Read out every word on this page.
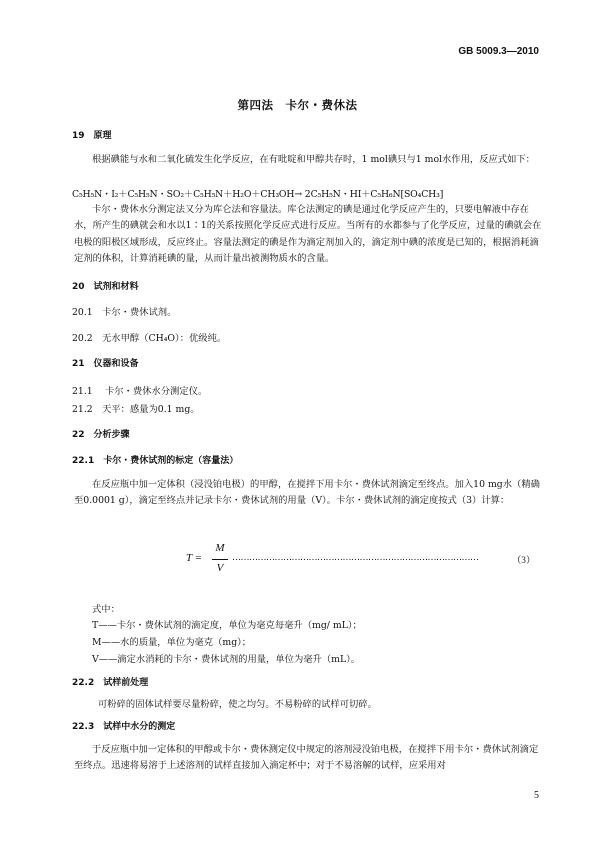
GB 5009.3—2010
第四法　卡尔・费休法
19　原理
根据碘能与水和二氧化硫发生化学反应，在有吡啶和甲醇共存时，1 mol碘只与1 mol水作用，反应式如下：
C₅H₅N・I₂＋C₅H₅N・SO₂＋C₅H₅N＋H₂O＋CH₃OH→ 2C₅H₅N・HI＋C₅H₆N[SO₄CH₃]
卡尔・费休水分测定法又分为库仑法和容量法。库仑法测定的碘是通过化学反应产生的，只要电解液中存在水，所产生的碘就会和水以1∶1的关系按照化学反应式进行反应。当所有的水都参与了化学反应，过量的碘就会在电极的阳极区域形成，反应终止。容量法测定的碘是作为滴定剂加入的，滴定剂中碘的浓度是已知的，根据消耗滴定剂的体积，计算消耗碘的量，从而计量出被测物质水的含量。
20　试剂和材料
20.1　卡尔・费休试剂。
20.2　无水甲醇（CH₄O）：优级纯。
21　仪器和设备
21.1　 卡尔・费休水分测定仪。
21.2　天平：感量为0.1 mg。
22　分析步骤
22.1　卡尔・费休试剂的标定（容量法）
在反应瓶中加一定体积（浸没铂电极）的甲醇，在搅拌下用卡尔・费休试剂滴定至终点。加入10 mg水（精确至0.0001 g），滴定至终点并记录卡尔・费休试剂的用量（V）。卡尔・费休试剂的滴定度按式（3）计算：
T =
M
V
……………………………………………………………………………	（3）
式中：
T——卡尔・费休试剂的滴定度，单位为毫克每毫升（mg/ mL）；
M——水的质量，单位为毫克（mg）；
V——滴定水消耗的卡尔・费休试剂的用量，单位为毫升（mL）。
22.2　试样前处理
可粉碎的固体试样要尽量粉碎，使之均匀。不易粉碎的试样可切碎。
22.3　试样中水分的测定
于反应瓶中加一定体积的甲醇或卡尔・费休测定仪中规定的溶剂浸没铂电极，在搅拌下用卡尔・费休试剂滴定至终点。迅速将易溶于上述溶剂的试样直接加入滴定杯中；对于不易溶解的试样，应采用对
5
